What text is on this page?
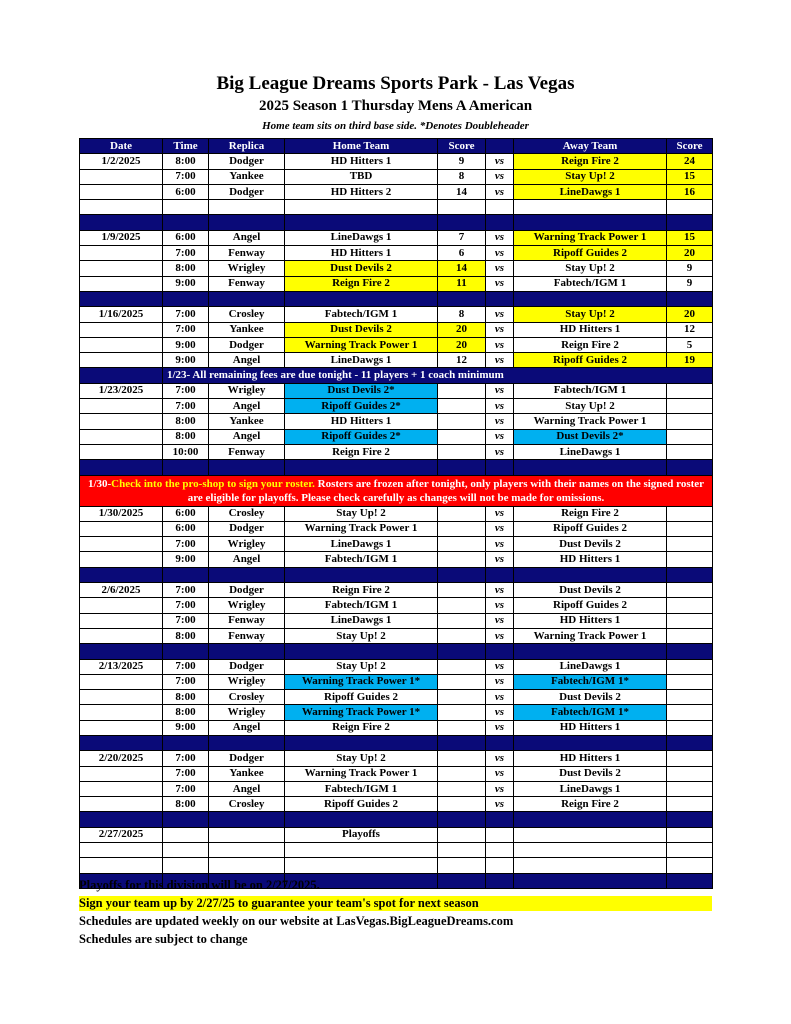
Big League Dreams Sports Park - Las Vegas
2025 Season 1 Thursday Mens A American
Home team sits on third base side. *Denotes Doubleheader
Date	Time	Replica	Home Team	Score		Away Team	Score
1/2/2025	8:00	Dodger	HD Hitters 1	9	vs	Reign Fire 2	24
	7:00	Yankee	TBD	8	vs	Stay Up! 2	15
	6:00	Dodger	HD Hitters 2	14	vs	LineDawgs 1	16

1/9/2025	6:00	Angel	LineDawgs 1	7	vs	Warning Track Power 1	15
	7:00	Fenway	HD Hitters 1	6	vs	Ripoff Guides 2	20
	8:00	Wrigley	Dust Devils 2	14	vs	Stay Up! 2	9
	9:00	Fenway	Reign Fire 2	11	vs	Fabtech/IGM 1	9

1/16/2025	7:00	Crosley	Fabtech/IGM 1	8	vs	Stay Up! 2	20
	7:00	Yankee	Dust Devils 2	20	vs	HD Hitters 1	12
	9:00	Dodger	Warning Track Power 1	20	vs	Reign Fire 2	5
	9:00	Angel	LineDawgs 1	12	vs	Ripoff Guides 2	19
	1/23- All remaining fees are due tonight - 11 players + 1 coach minimum						
1/23/2025	7:00	Wrigley	Dust Devils 2*		vs	Fabtech/IGM 1	
	7:00	Angel	Ripoff Guides 2*		vs	Stay Up! 2	
	8:00	Yankee	HD Hitters 1		vs	Warning Track Power 1	
	8:00	Angel	Ripoff Guides 2*		vs	Dust Devils 2*	
	10:00	Fenway	Reign Fire 2		vs	LineDawgs 1	

1/30-Check into the pro-shop to sign your roster. Rosters are frozen after tonight, only players with their names on the signed roster are eligible for playoffs. Please check carefully as changes will not be made for omissions.							
1/30/2025	6:00	Crosley	Stay Up! 2		vs	Reign Fire 2	
	6:00	Dodger	Warning Track Power 1		vs	Ripoff Guides 2	
	7:00	Wrigley	LineDawgs 1		vs	Dust Devils 2	
	9:00	Angel	Fabtech/IGM 1		vs	HD Hitters 1	

2/6/2025	7:00	Dodger	Reign Fire 2		vs	Dust Devils 2	
	7:00	Wrigley	Fabtech/IGM 1		vs	Ripoff Guides 2	
	7:00	Fenway	LineDawgs 1		vs	HD Hitters 1	
	8:00	Fenway	Stay Up! 2		vs	Warning Track Power 1	

2/13/2025	7:00	Dodger	Stay Up! 2		vs	LineDawgs 1	
	7:00	Wrigley	Warning Track Power 1*		vs	Fabtech/IGM 1*	
	8:00	Crosley	Ripoff Guides 2		vs	Dust Devils 2	
	8:00	Wrigley	Warning Track Power 1*		vs	Fabtech/IGM 1*	
	9:00	Angel	Reign Fire 2		vs	HD Hitters 1	

2/20/2025	7:00	Dodger	Stay Up! 2		vs	HD Hitters 1	
	7:00	Yankee	Warning Track Power 1		vs	Dust Devils 2	
	7:00	Angel	Fabtech/IGM 1		vs	LineDawgs 1	
	8:00	Crosley	Ripoff Guides 2		vs	Reign Fire 2	

2/27/2025			Playoffs				

Playoffs for this division will be on 2/27/2025.
Sign your team up by 2/27/25 to guarantee your team's spot for next season
Schedules are updated weekly on our website at LasVegas.BigLeagueDreams.com
Schedules are subject to change
